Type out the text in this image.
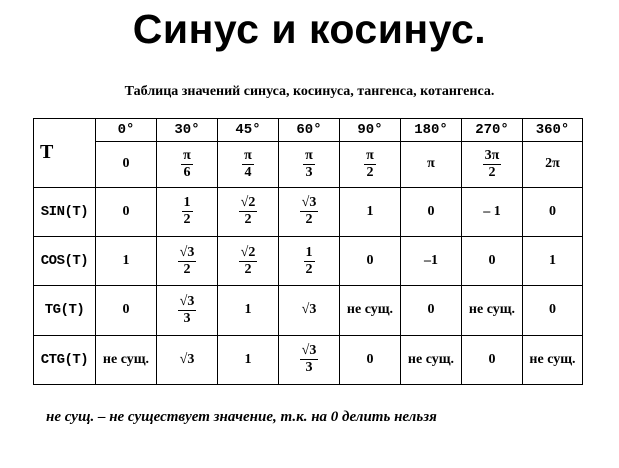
Синус и косинус.
Таблица значений синуса, косинуса, тангенса, котангенса.
T	0°	30°	45°	60°	90°	180°	270°	360°
	0	$\frac{\pi}{6}$	$\frac{\pi}{4}$	$\frac{\pi}{3}$	$\frac{\pi}{2}$	π	$\frac{3\pi}{2}$	2π
SIN(T)	0	$\frac{1}{2}$	$\frac{√2}{2}$	$\frac{√3}{2}$	1	0	– 1	0
COS(T)	1	$\frac{√3}{2}$	$\frac{√2}{2}$	$\frac{1}{2}$	0	–1	0	1
TG(T)	0	$\frac{√3}{3}$	1	√3	не сущ.	0	не сущ.	0
CTG(T)	не сущ.	√3	1	$\frac{√3}{3}$	0	не сущ.	0	не сущ.
не сущ. – не существует значение, т.к. на 0 делить нельзя
